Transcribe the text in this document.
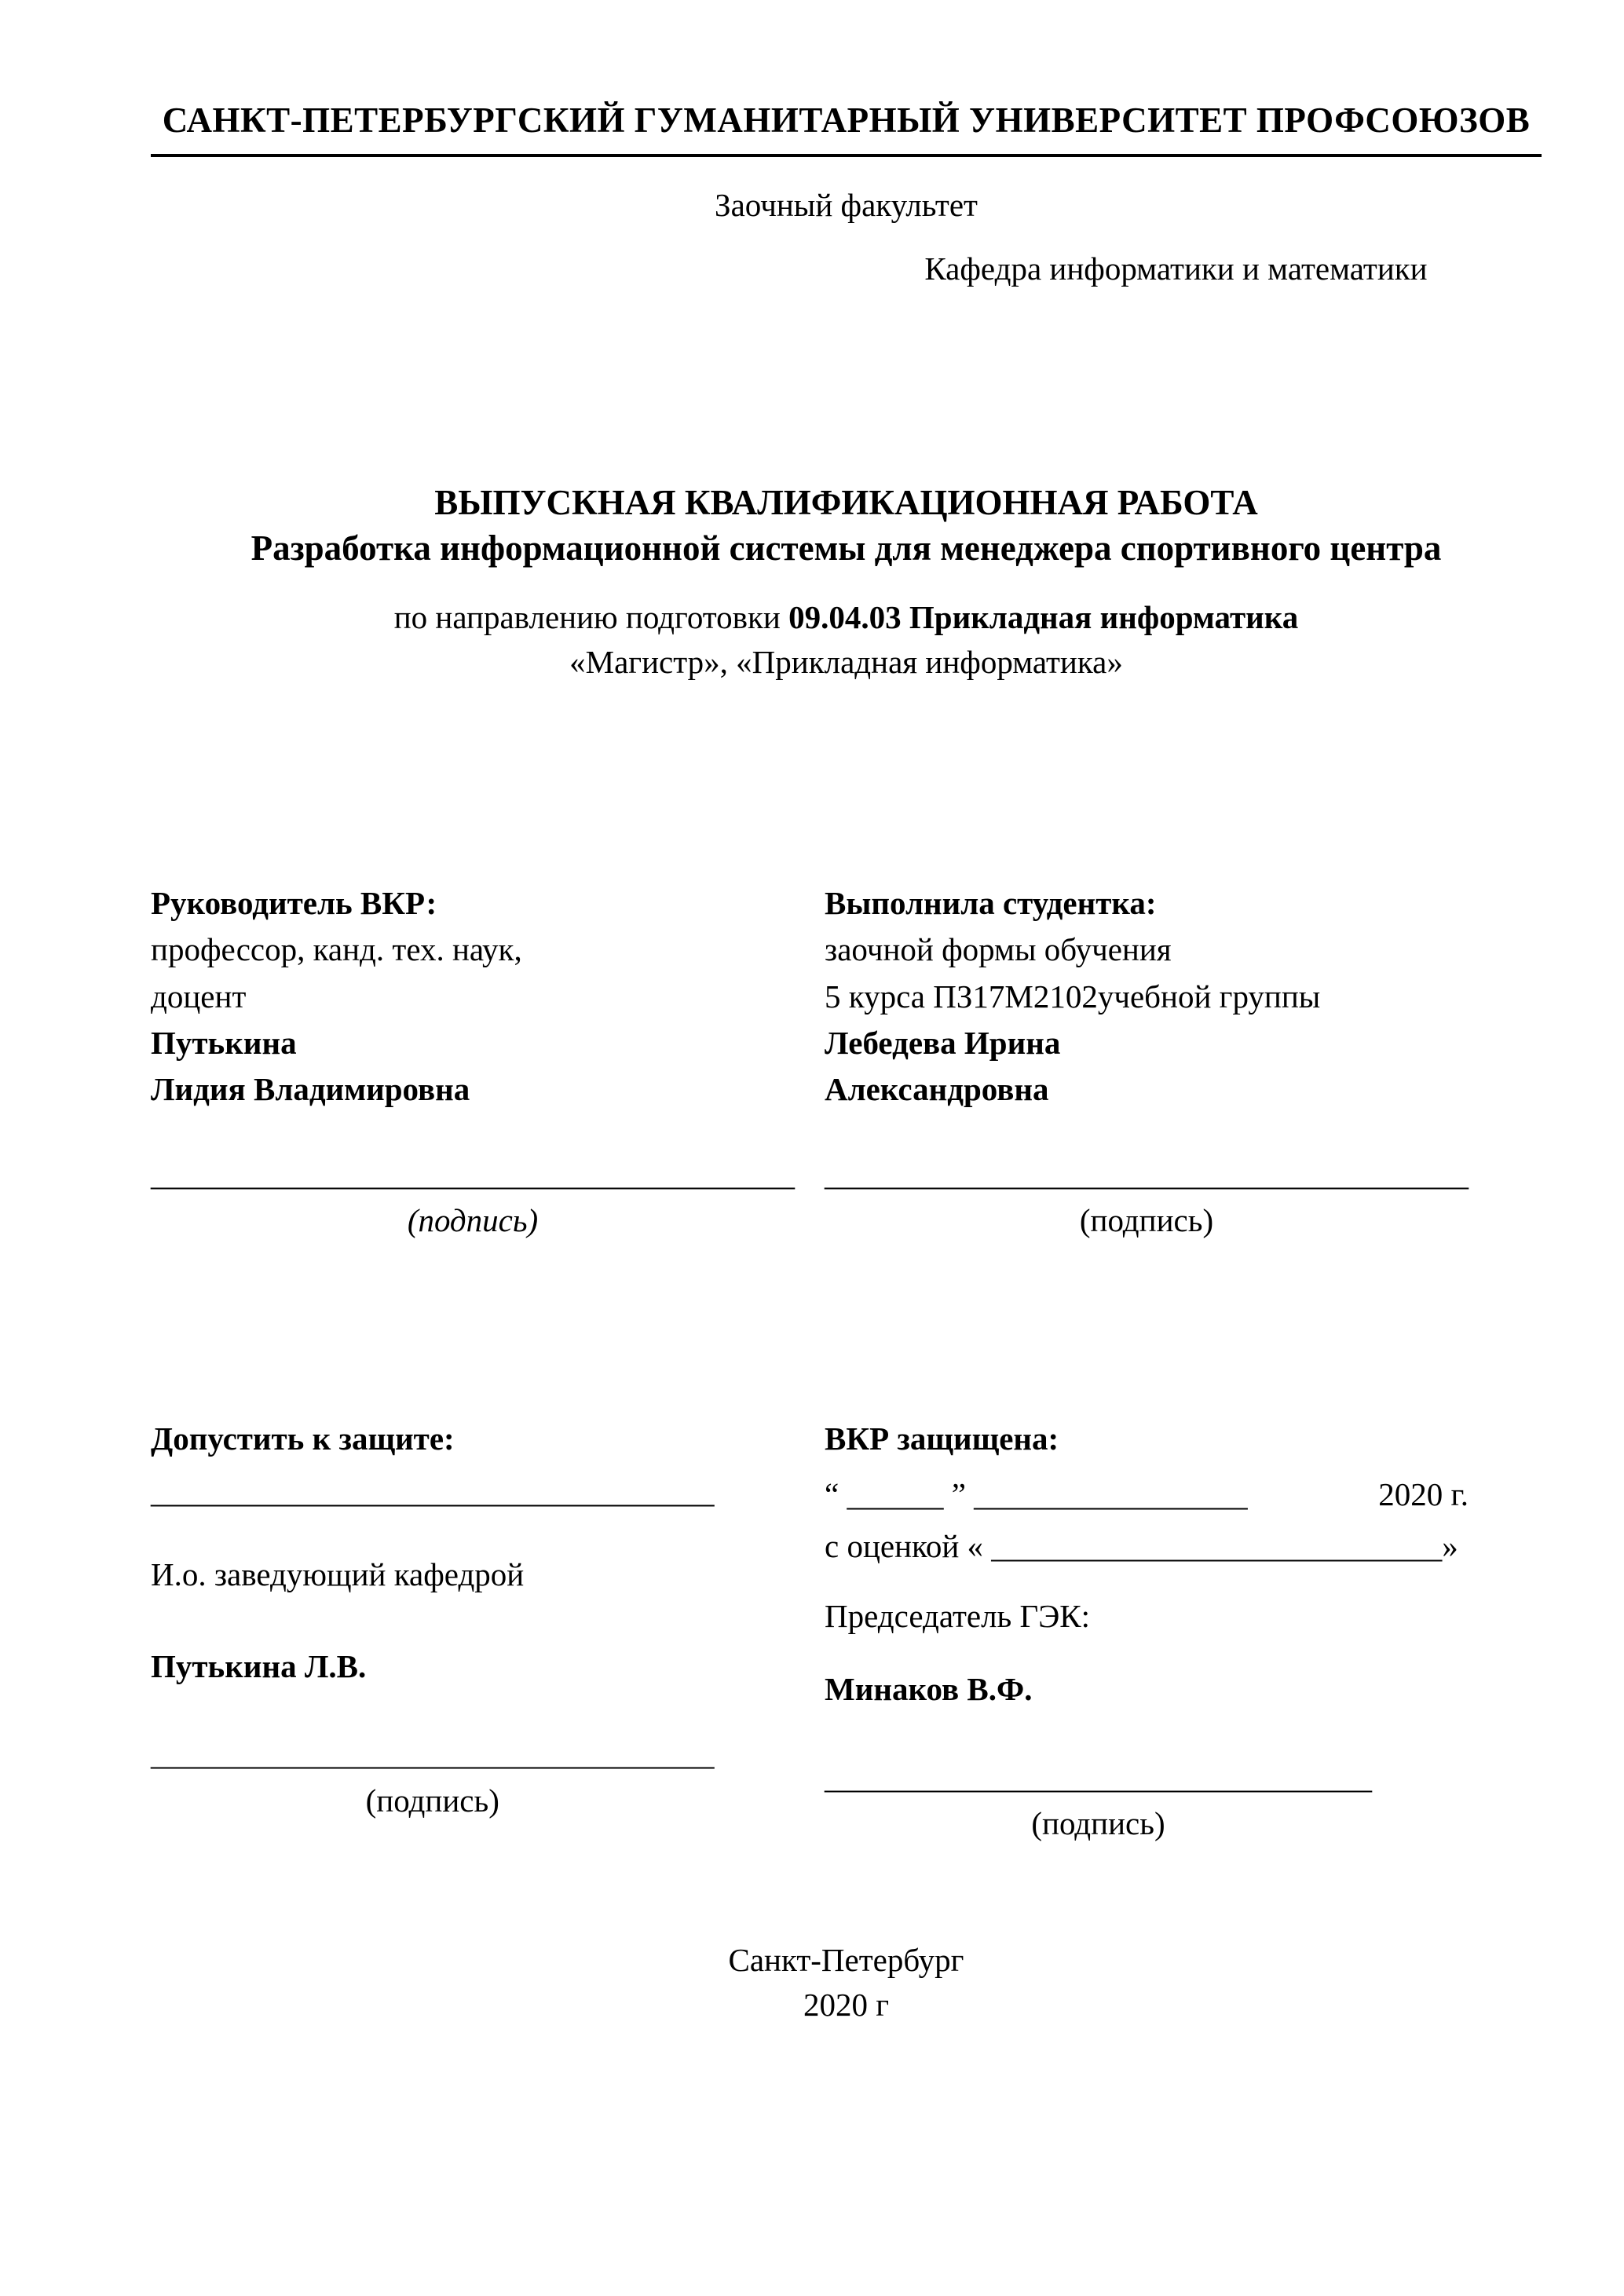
САНКТ-ПЕТЕРБУРГСКИЙ ГУМАНИТАРНЫЙ УНИВЕРСИТЕТ ПРОФСОЮЗОВ
Заочный факультет
Кафедра информатики и математики
ВЫПУСКНАЯ КВАЛИФИКАЦИОННАЯ РАБОТА
Разработка информационной системы для менеджера спортивного центра
по направлению подготовки 09.04.03 Прикладная информатика
«Магистр», «Прикладная информатика»
Руководитель ВКР:
профессор, канд. тех. наук,
доцент
Путькина
Лидия Владимировна
________________________________________
(подпись)
Выполнила студентка:
заочной формы обучения
5 курса ПЗ17М2102учебной группы
Лебедева Ирина
Александровна
________________________________________
(подпись)
Допустить к защите:
___________________________________
И.о. заведующий кафедрой
Путькина Л.В.
___________________________________
(подпись)
ВКР защищена:
“ ______ ” _________________	2020 г.
с оценкой « ____________________________»
Председатель ГЭК:
Минаков В.Ф.
__________________________________
(подпись)
Санкт-Петербург
2020 г
